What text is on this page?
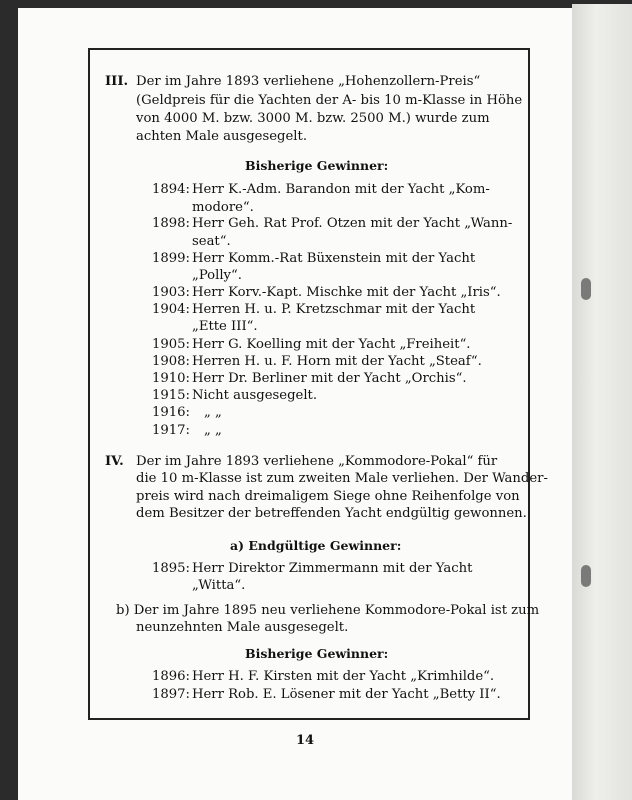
III. Der im Jahre 1893 verliehene „Hohenzollern-Preis“

(Geldpreis für die Yachten der A- bis 10 m-Klasse in Höhe

von 4000 M. bzw. 3000 M. bzw. 2500 M.) wurde zum

achten Male ausgesegelt.

Bisherige Gewinner:

1894: Herr K.-Adm. Barandon mit der Yacht „Kom-

modore“.

1898: Herr Geh. Rat Prof. Otzen mit der Yacht „Wann-

seat“.

1899: Herr Komm.-Rat Büxenstein mit der Yacht

„Polly“.

1903: Herr Korv.-Kapt. Mischke mit der Yacht „Iris“.

1904: Herren H. u. P. Kretzschmar mit der Yacht

„Ette III“.

1905: Herr G. Koelling mit der Yacht „Freiheit“.

1908: Herren H. u. F. Horn mit der Yacht „Steaf“.

1910: Herr Dr. Berliner mit der Yacht „Orchis“.

1915: Nicht ausgesegelt.

1916: „ „

1917: „ „

IV. Der im Jahre 1893 verliehene „Kommodore-Pokal“ für

die 10 m-Klasse ist zum zweiten Male verliehen. Der Wander-

preis wird nach dreimaligem Siege ohne Reihenfolge von

dem Besitzer der betreffenden Yacht endgültig gewonnen.

a) Endgültige Gewinner:

1895: Herr Direktor Zimmermann mit der Yacht

„Witta“.

b) Der im Jahre 1895 neu verliehene Kommodore-Pokal ist zum

neunzehnten Male ausgesegelt.

Bisherige Gewinner:

1896: Herr H. F. Kirsten mit der Yacht „Krimhilde“.

1897: Herr Rob. E. Lösener mit der Yacht „Betty II“.

14
